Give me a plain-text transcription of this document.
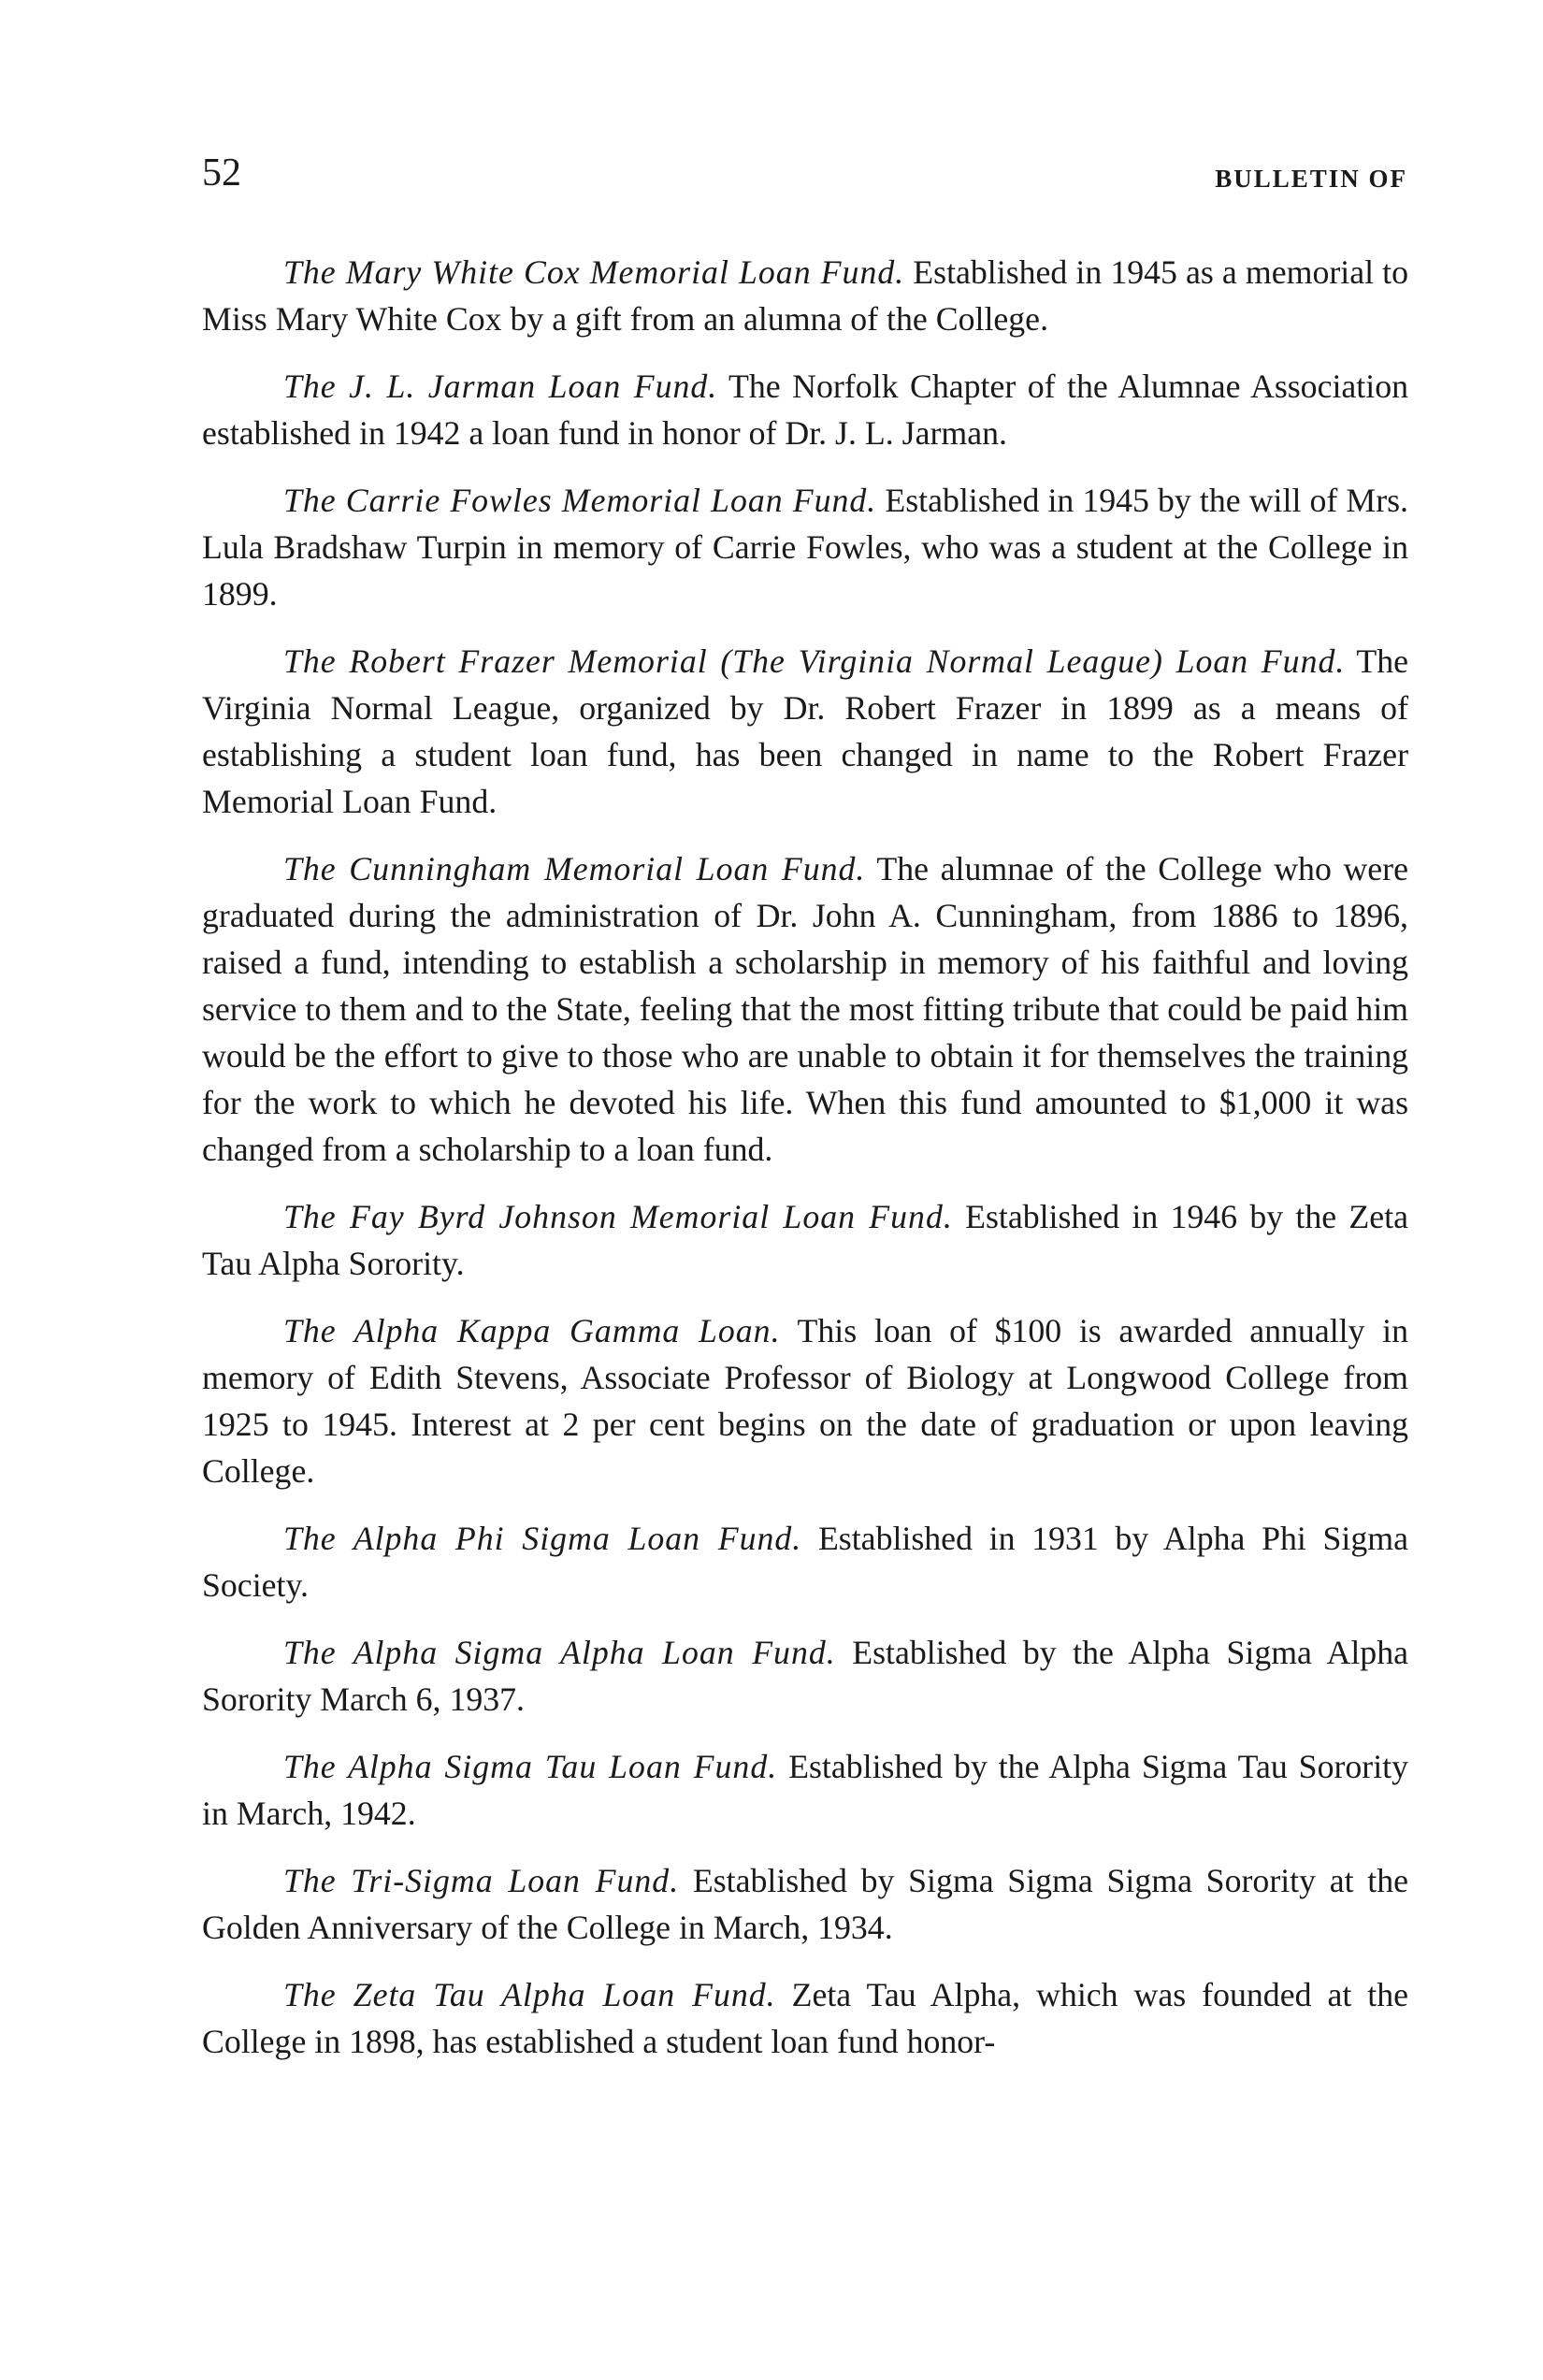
52	BULLETIN OF

The Mary White Cox Memorial Loan Fund. Established in 1945 as a memorial to Miss Mary White Cox by a gift from an alumna of the College.

The J. L. Jarman Loan Fund. The Norfolk Chapter of the Alumnae Association established in 1942 a loan fund in honor of Dr. J. L. Jarman.

The Carrie Fowles Memorial Loan Fund. Established in 1945 by the will of Mrs. Lula Bradshaw Turpin in memory of Carrie Fowles, who was a student at the College in 1899.

The Robert Frazer Memorial (The Virginia Normal League) Loan Fund. The Virginia Normal League, organized by Dr. Robert Frazer in 1899 as a means of establishing a student loan fund, has been changed in name to the Robert Frazer Memorial Loan Fund.

The Cunningham Memorial Loan Fund. The alumnae of the College who were graduated during the administration of Dr. John A. Cunningham, from 1886 to 1896, raised a fund, intending to establish a scholarship in memory of his faithful and loving service to them and to the State, feeling that the most fitting tribute that could be paid him would be the effort to give to those who are unable to obtain it for themselves the training for the work to which he devoted his life. When this fund amounted to $1,000 it was changed from a scholarship to a loan fund.

The Fay Byrd Johnson Memorial Loan Fund. Established in 1946 by the Zeta Tau Alpha Sorority.

The Alpha Kappa Gamma Loan. This loan of $100 is awarded annually in memory of Edith Stevens, Associate Professor of Biology at Longwood College from 1925 to 1945. Interest at 2 per cent begins on the date of graduation or upon leaving College.

The Alpha Phi Sigma Loan Fund. Established in 1931 by Alpha Phi Sigma Society.

The Alpha Sigma Alpha Loan Fund. Established by the Alpha Sigma Alpha Sorority March 6, 1937.

The Alpha Sigma Tau Loan Fund. Established by the Alpha Sigma Tau Sorority in March, 1942.

The Tri-Sigma Loan Fund. Established by Sigma Sigma Sigma Sorority at the Golden Anniversary of the College in March, 1934.

The Zeta Tau Alpha Loan Fund. Zeta Tau Alpha, which was founded at the College in 1898, has established a student loan fund honor-
